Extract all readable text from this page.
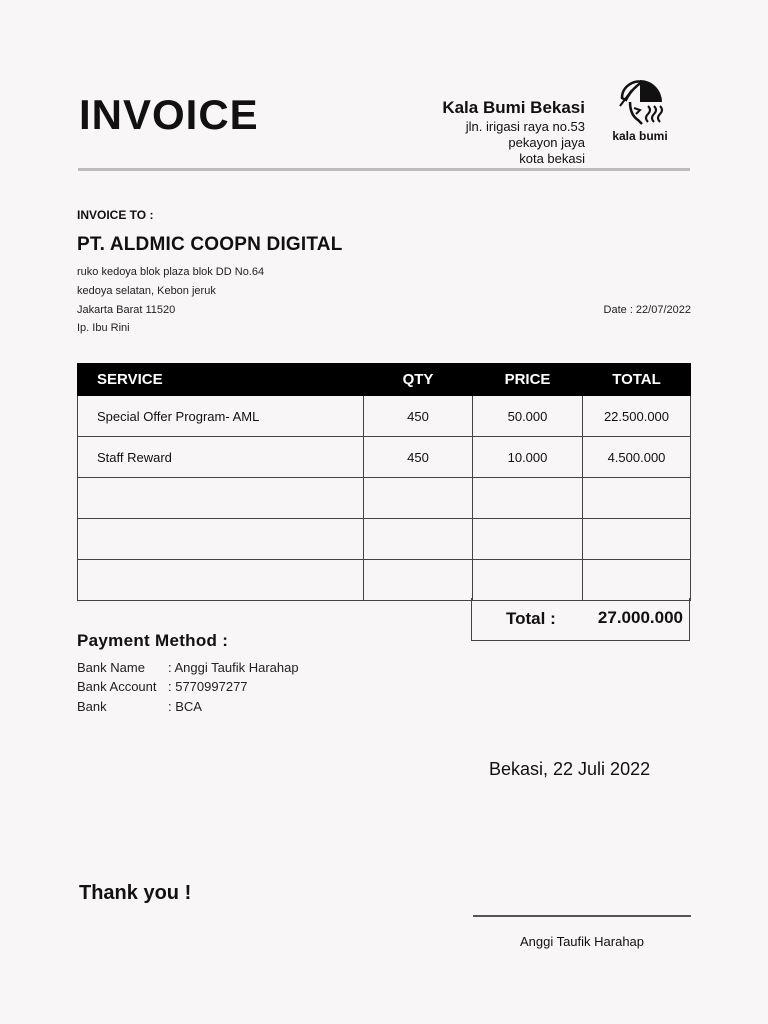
INVOICE	Kala Bumi Bekasi
jln. irigasi raya no.53
pekayon jaya
kota bekasi
kala bumi
INVOICE TO :
PT. ALDMIC COOPN DIGITAL
ruko kedoya blok plaza blok DD No.64
kedoya selatan, Kebon jeruk
Jakarta Barat 11520
Ip. Ibu Rini
Date : 22/07/2022
SERVICE	QTY	PRICE	TOTAL
Special Offer Program- AML	450	50.000	22.500.000
Staff Reward	450	10.000	4.500.000

Total : 27.000.000
Payment Method :
Bank Name : Anggi Taufik Harahap
Bank Account : 5770997277
Bank	: BCA
Bekasi, 22 Juli 2022
Thank you !
Anggi Taufik Harahap
